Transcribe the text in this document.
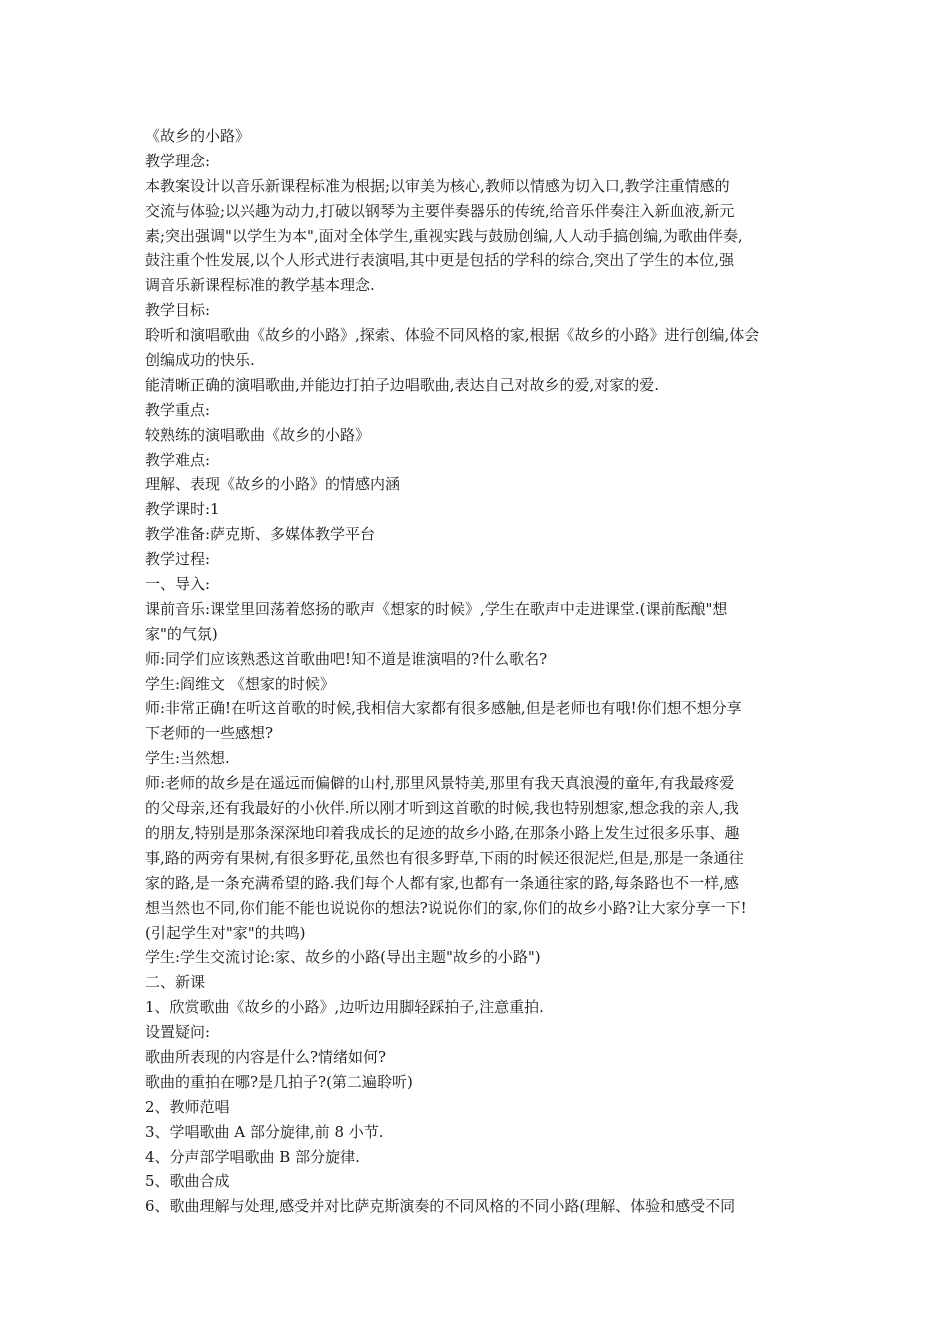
《故乡的小路》
教学理念:
本教案设计以音乐新课程标准为根据;以审美为核心,教师以情感为切入口,教学注重情感的
交流与体验;以兴趣为动力,打破以钢琴为主要伴奏器乐的传统,给音乐伴奏注入新血液,新元
素;突出强调"以学生为本",面对全体学生,重视实践与鼓励创编,人人动手搞创编,为歌曲伴奏,
鼓注重个性发展,以个人形式进行表演唱,其中更是包括的学科的综合,突出了学生的本位,强
调音乐新课程标准的教学基本理念.
教学目标:
聆听和演唱歌曲《故乡的小路》,探索、体验不同风格的家,根据《故乡的小路》进行创编,体会
创编成功的快乐.
能清晰正确的演唱歌曲,并能边打拍子边唱歌曲,表达自己对故乡的爱,对家的爱.
教学重点:
较熟练的演唱歌曲《故乡的小路》
教学难点:
理解、表现《故乡的小路》的情感内涵
教学课时:1
教学准备:萨克斯、多媒体教学平台
教学过程:
一、导入:
课前音乐:课堂里回荡着悠扬的歌声《想家的时候》,学生在歌声中走进课堂.(课前酝酿"想
家"的气氛)
师:同学们应该熟悉这首歌曲吧!知不道是谁演唱的?什么歌名?
学生:阎维文 《想家的时候》
师:非常正确!在听这首歌的时候,我相信大家都有很多感触,但是老师也有哦!你们想不想分享
下老师的一些感想?
学生:当然想.
师:老师的故乡是在遥远而偏僻的山村,那里风景特美,那里有我天真浪漫的童年,有我最疼爱
的父母亲,还有我最好的小伙伴.所以刚才听到这首歌的时候,我也特别想家,想念我的亲人,我
的朋友,特别是那条深深地印着我成长的足迹的故乡小路,在那条小路上发生过很多乐事、趣
事,路的两旁有果树,有很多野花,虽然也有很多野草,下雨的时候还很泥烂,但是,那是一条通往
家的路,是一条充满希望的路.我们每个人都有家,也都有一条通往家的路,每条路也不一样,感
想当然也不同,你们能不能也说说你的想法?说说你们的家,你们的故乡小路?让大家分享一下!
(引起学生对"家"的共鸣)
学生:学生交流讨论:家、故乡的小路(导出主题"故乡的小路")
二、新课
1、欣赏歌曲《故乡的小路》,边听边用脚轻踩拍子,注意重拍.
设置疑问:
歌曲所表现的内容是什么?情绪如何?
歌曲的重拍在哪?是几拍子?(第二遍聆听)
2、教师范唱
3、学唱歌曲 A 部分旋律,前 8 小节.
4、分声部学唱歌曲 B 部分旋律.
5、歌曲合成
6、歌曲理解与处理,感受并对比萨克斯演奏的不同风格的不同小路(理解、体验和感受不同
